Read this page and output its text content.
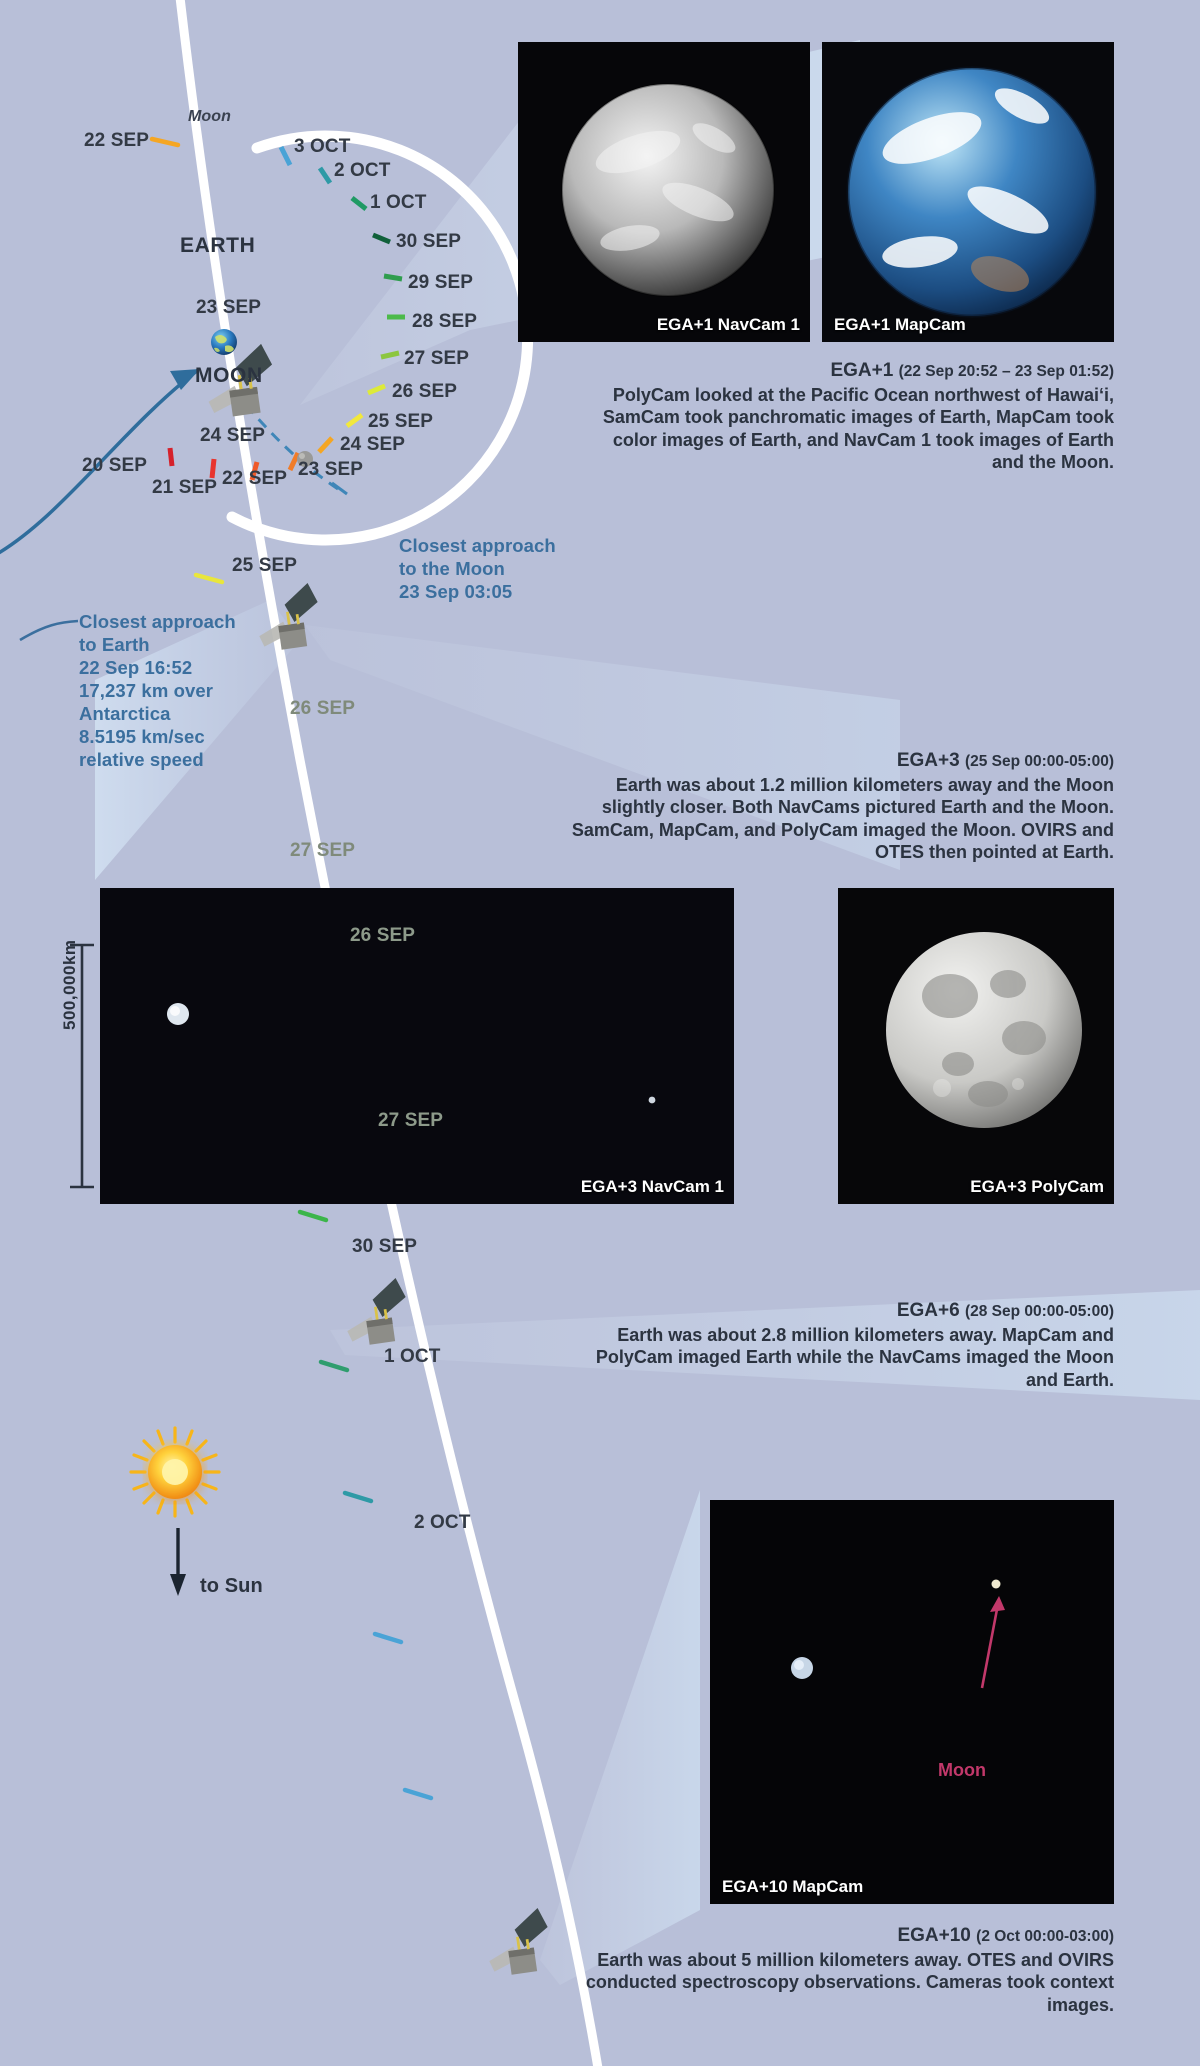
3 OCT
2 OCT
1 OCT
30 SEP
29 SEP
28 SEP
27 SEP
26 SEP
25 SEP
24 SEP
23 SEP
22 SEP
21 SEP
20 SEP
Moon
22 SEP
23 SEP
24 SEP
25 SEP
26 SEP
27 SEP
30 SEP
1 OCT
2 OCT
EARTH
MOON
500,000km
to Sun
Closest approach
to Earth
22 Sep 16:52
17,237 km over
Antarctica
8.5195 km/sec
relative speed
Closest approach
to the Moon
23 Sep 03:05
EGA+1 NavCam 1 EGA+1 MapCam
EGA+1 (22 Sep 20:52 – 23 Sep 01:52)
PolyCam looked at the Pacific Ocean northwest of Hawai‘i, SamCam took panchromatic images of Earth, MapCam took color images of Earth, and NavCam 1 took images of Earth and the Moon.
EGA+3 (25 Sep 00:00-05:00)
Earth was about 1.2 million kilometers away and the Moon slightly closer. Both NavCams pictured Earth and the Moon. SamCam, MapCam, and PolyCam imaged the Moon. OVIRS and OTES then pointed at Earth.
EGA+3 NavCam 1	EGA+3 PolyCam
EGA+6 (28 Sep 00:00-05:00)
Earth was about 2.8 million kilometers away. MapCam and PolyCam imaged Earth while the NavCams imaged the Moon and Earth.
Moon
EGA+10 MapCam
EGA+10 (2 Oct 00:00-03:00)
Earth was about 5 million kilometers away. OTES and OVIRS conducted spectroscopy observations. Cameras took context images.
26 SEP
27 SEP
